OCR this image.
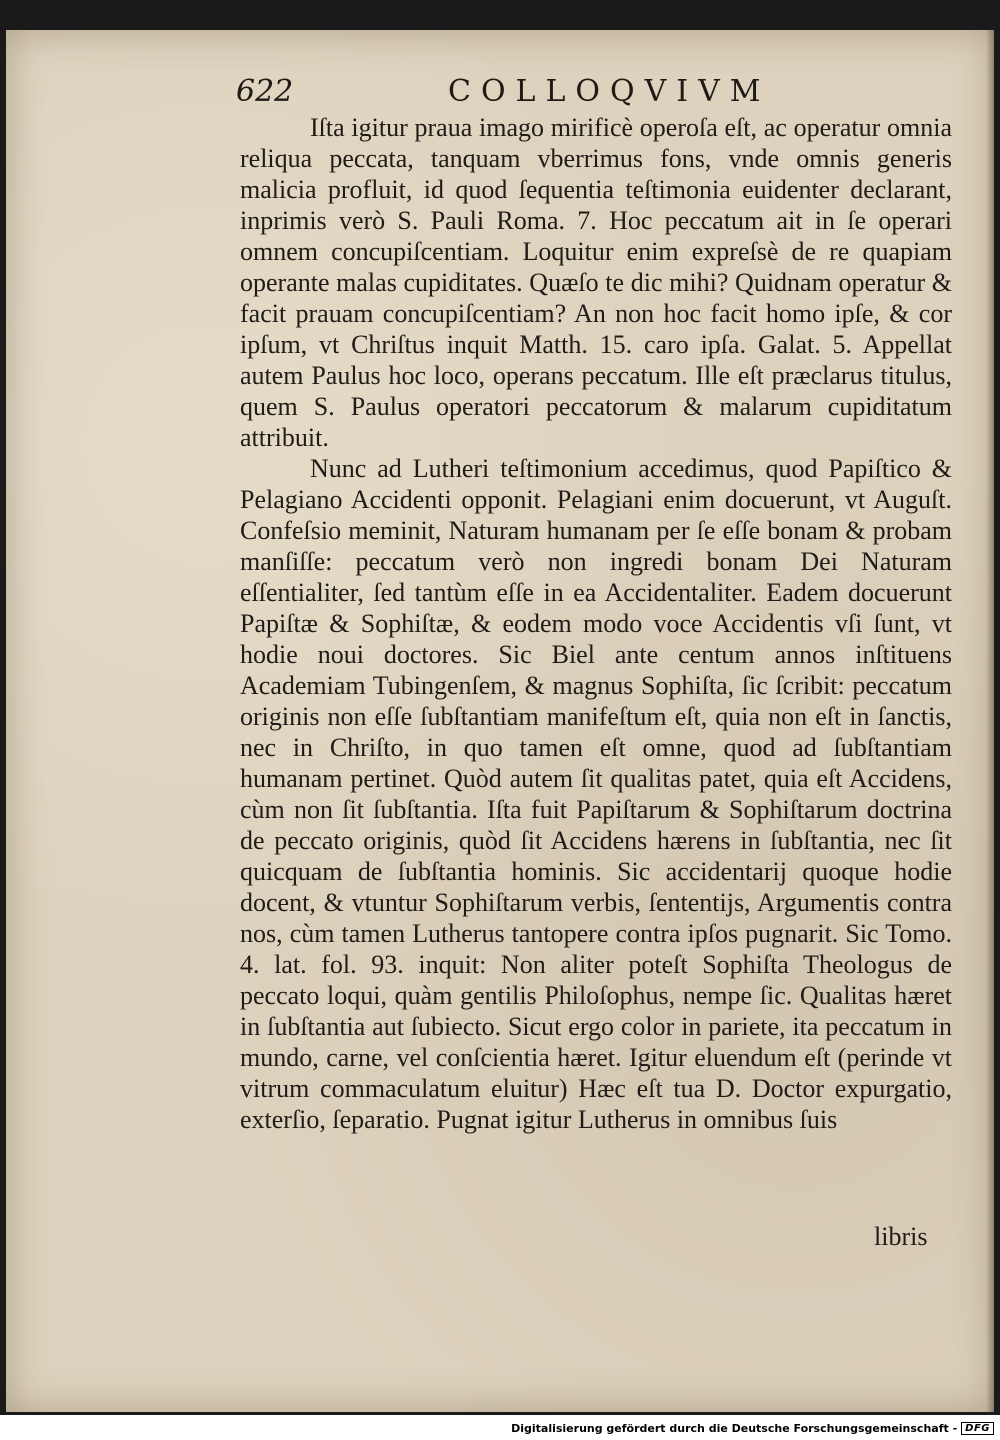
622	COLLOQVIVM

Iſta igitur praua imago mirificè operoſa eſt, ac operatur omnia reliqua peccata, tanquam vberrimus fons, vnde omnis generis malicia profluit, id quod ſequentia teſtimonia euidenter declarant, inprimis verò S. Pauli Roma. 7. Hoc peccatum ait in ſe operari omnem concupiſcentiam. Loquitur enim expreſsè de re quapiam operante malas cupiditates. Quæſo te dic mihi? Quidnam operatur & facit prauam concupiſcentiam? An non hoc facit homo ipſe, & cor ipſum, vt Chriſtus inquit Matth. 15. caro ipſa. Galat. 5. Appellat autem Paulus hoc loco, operans peccatum. Ille eſt præclarus titulus, quem S. Paulus operatori peccatorum & malarum cupiditatum attribuit.

Nunc ad Lutheri teſtimonium accedimus, quod Papiſtico & Pelagiano Accidenti opponit. Pelagiani enim docuerunt, vt Auguſt. Confeſsio meminit, Naturam humanam per ſe eſſe bonam & probam manſiſſe: peccatum verò non ingredi bonam Dei Naturam eſſentialiter, ſed tantùm eſſe in ea Accidentaliter. Eadem docuerunt Papiſtæ & Sophiſtæ, & eodem modo voce Accidentis vſi ſunt, vt hodie noui doctores. Sic Biel ante centum annos inſtituens Academiam Tubingenſem, & magnus Sophiſta, ſic ſcribit: peccatum originis non eſſe ſubſtantiam manifeſtum eſt, quia non eſt in ſanctis, nec in Chriſto, in quo tamen eſt omne, quod ad ſubſtantiam humanam pertinet. Quòd autem ſit qualitas patet, quia eſt Accidens, cùm non ſit ſubſtantia. Iſta fuit Papiſtarum & Sophiſtarum doctrina de peccato originis, quòd ſit Accidens hærens in ſubſtantia, nec ſit quicquam de ſubſtantia hominis. Sic accidentarij quoque hodie docent, & vtuntur Sophiſtarum verbis, ſententijs, Argumentis contra nos, cùm tamen Lutherus tantopere contra ipſos pugnarit. Sic Tomo. 4. lat. fol. 93. inquit: Non aliter poteſt Sophiſta Theologus de peccato loqui, quàm gentilis Philoſophus, nempe ſic. Qualitas hæret in ſubſtantia aut ſubiecto. Sicut ergo color in pariete, ita peccatum in mundo, carne, vel conſcientia hæret. Igitur eluendum eſt (perinde vt vitrum commaculatum eluitur) Hæc eſt tua D. Doctor expurgatio, exterſio, ſeparatio. Pugnat igitur Lutherus in omnibus ſuis

libris
Digitalisierung gefördert durch die Deutsche Forschungsgemeinschaft - DFG
